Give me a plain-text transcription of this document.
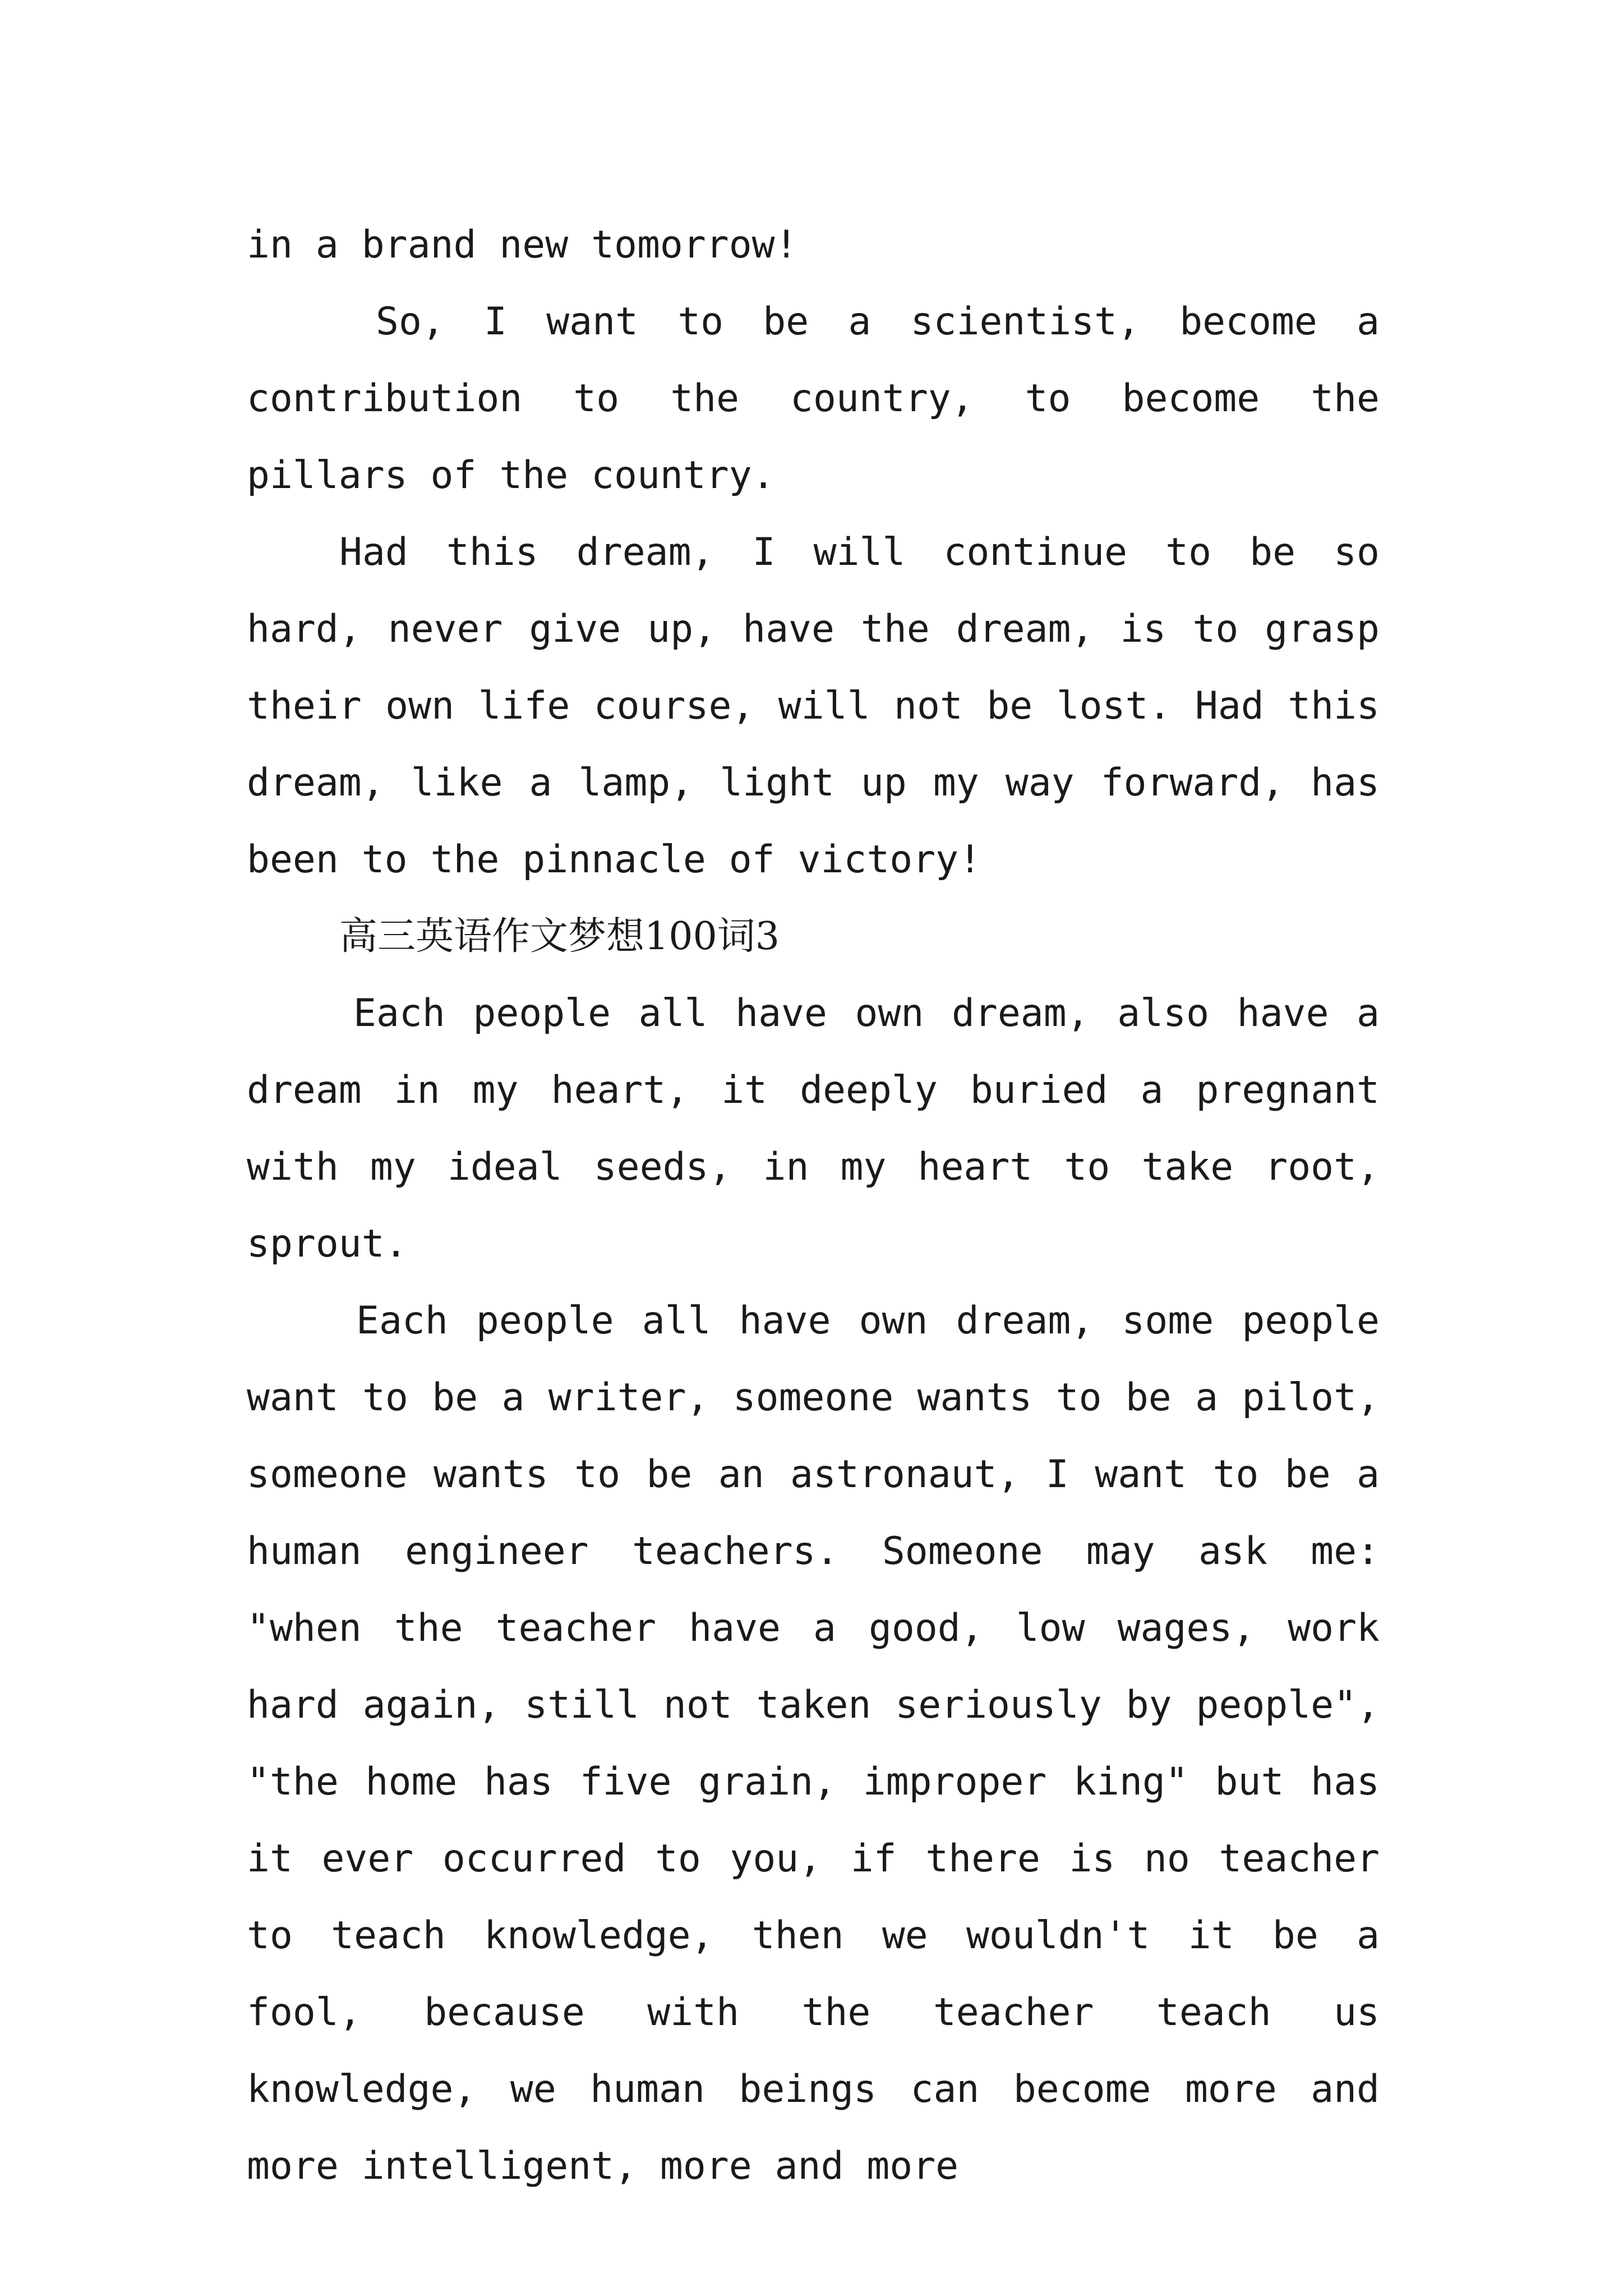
in a brand new tomorrow!

So, I want to be a scientist, become a contribution to the country, to become the pillars of the country.

Had this dream, I will continue to be so hard, never give up, have the dream, is to grasp their own life course, will not be lost. Had this dream, like a lamp, light up my way forward, has been to the pinnacle of victory!

高三英语作文梦想100词3

Each people all have own dream, also have a dream in my heart, it deeply buried a pregnant with my ideal seeds, in my heart to take root, sprout.

Each people all have own dream, some people want to be a writer, someone wants to be a pilot, someone wants to be an astronaut, I want to be a human engineer teachers. Someone may ask me: "when the teacher have a good, low wages, work hard again, still not taken seriously by people", "the home has five grain, improper king" but has it ever occurred to you, if there is no teacher to teach knowledge, then we wouldn't it be a fool, because with the teacher teach us knowledge, we human beings can become more and more intelligent, more and more
